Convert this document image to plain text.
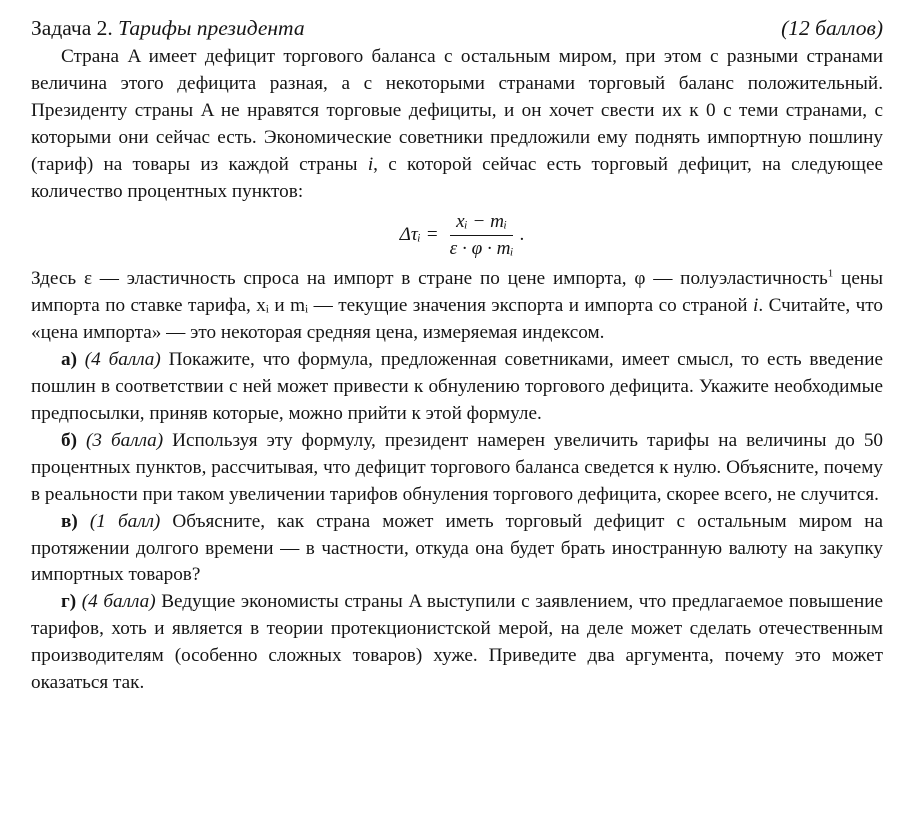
Задача 2. Тарифы президента	(12 баллов)

Страна A имеет дефицит торгового баланса с остальным миром, при этом с разными странами величина этого дефицита разная, а с некоторыми странами торговый баланс положительный. Президенту страны A не нравятся торговые дефициты, и он хочет свести их к 0 с теми странами, с которыми они сейчас есть. Экономические советники предложили ему поднять импортную пошлину (тариф) на товары из каждой страны i, с которой сейчас есть торговый дефицит, на следующее количество процентных пунктов:

Δτᵢ = $\frac{\text{xᵢ − mᵢ}}{\text{ε · φ · mᵢ}}$ .

Здесь ε — эластичность спроса на импорт в стране по цене импорта, φ — полуэластичность$^1$ цены импорта по ставке тарифа, xᵢ и mᵢ — текущие значения экспорта и импорта со страной i. Считайте, что «цена импорта» — это некоторая средняя цена, измеряемая индексом.

а) (4 балла) Покажите, что формула, предложенная советниками, имеет смысл, то есть введение пошлин в соответствии с ней может привести к обнулению торгового дефицита. Укажите необходимые предпосылки, приняв которые, можно прийти к этой формуле.

б) (3 балла) Используя эту формулу, президент намерен увеличить тарифы на величины до 50 процентных пунктов, рассчитывая, что дефицит торгового баланса сведется к нулю. Объясните, почему в реальности при таком увеличении тарифов обнуления торгового дефицита, скорее всего, не случится.

в) (1 балл) Объясните, как страна может иметь торговый дефицит с остальным миром на протяжении долгого времени — в частности, откуда она будет брать иностранную валюту на закупку импортных товаров?

г) (4 балла) Ведущие экономисты страны A выступили с заявлением, что предлагаемое повышение тарифов, хоть и является в теории протекционистской мерой, на деле может сделать отечественным производителям (особенно сложных товаров) хуже. Приведите два аргумента, почему это может оказаться так.
